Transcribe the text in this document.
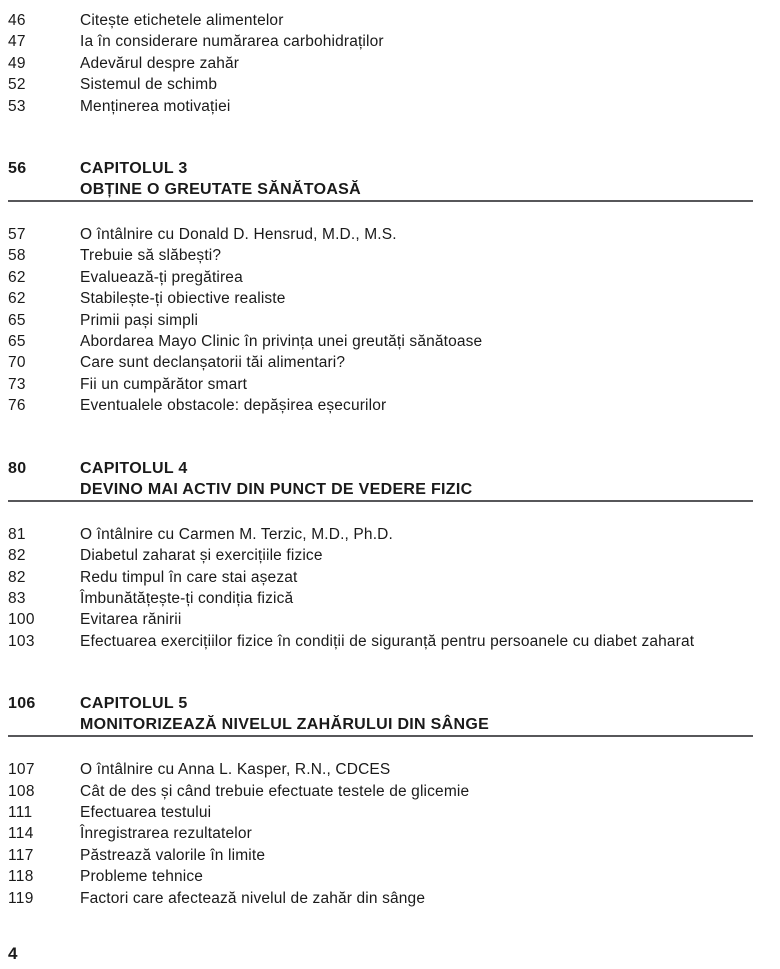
46	Citește etichetele alimentelor
47	Ia în considerare numărarea carbohidraților
49	Adevărul despre zahăr
52	Sistemul de schimb
53	Menținerea motivației
56	CAPITOLUL 3
OBȚINE O GREUTATE SĂNĂTOASĂ
57	O întâlnire cu Donald D. Hensrud, M.D., M.S.
58	Trebuie să slăbești?
62	Evaluează-ți pregătirea
62	Stabilește-ți obiective realiste
65	Primii pași simpli
65	Abordarea Mayo Clinic în privința unei greutăți sănătoase
70	Care sunt declanșatorii tăi alimentari?
73	Fii un cumpărător smart
76	Eventualele obstacole: depășirea eșecurilor
80	CAPITOLUL 4
DEVINO MAI ACTIV DIN PUNCT DE VEDERE FIZIC
81	O întâlnire cu Carmen M. Terzic, M.D., Ph.D.
82	Diabetul zaharat și exercițiile fizice
82	Redu timpul în care stai așezat
83	Îmbunătățește-ți condiția fizică
100	Evitarea rănirii
103	Efectuarea exercițiilor fizice în condiții de siguranță pentru persoanele cu diabet zaharat
106	CAPITOLUL 5
MONITORIZEAZĂ NIVELUL ZAHĂRULUI DIN SÂNGE
107	O întâlnire cu Anna L. Kasper, R.N., CDCES
108	Cât de des și când trebuie efectuate testele de glicemie
111	Efectuarea testului
114	Înregistrarea rezultatelor
117	Păstrează valorile în limite
118	Probleme tehnice
119	Factori care afectează nivelul de zahăr din sânge
4
